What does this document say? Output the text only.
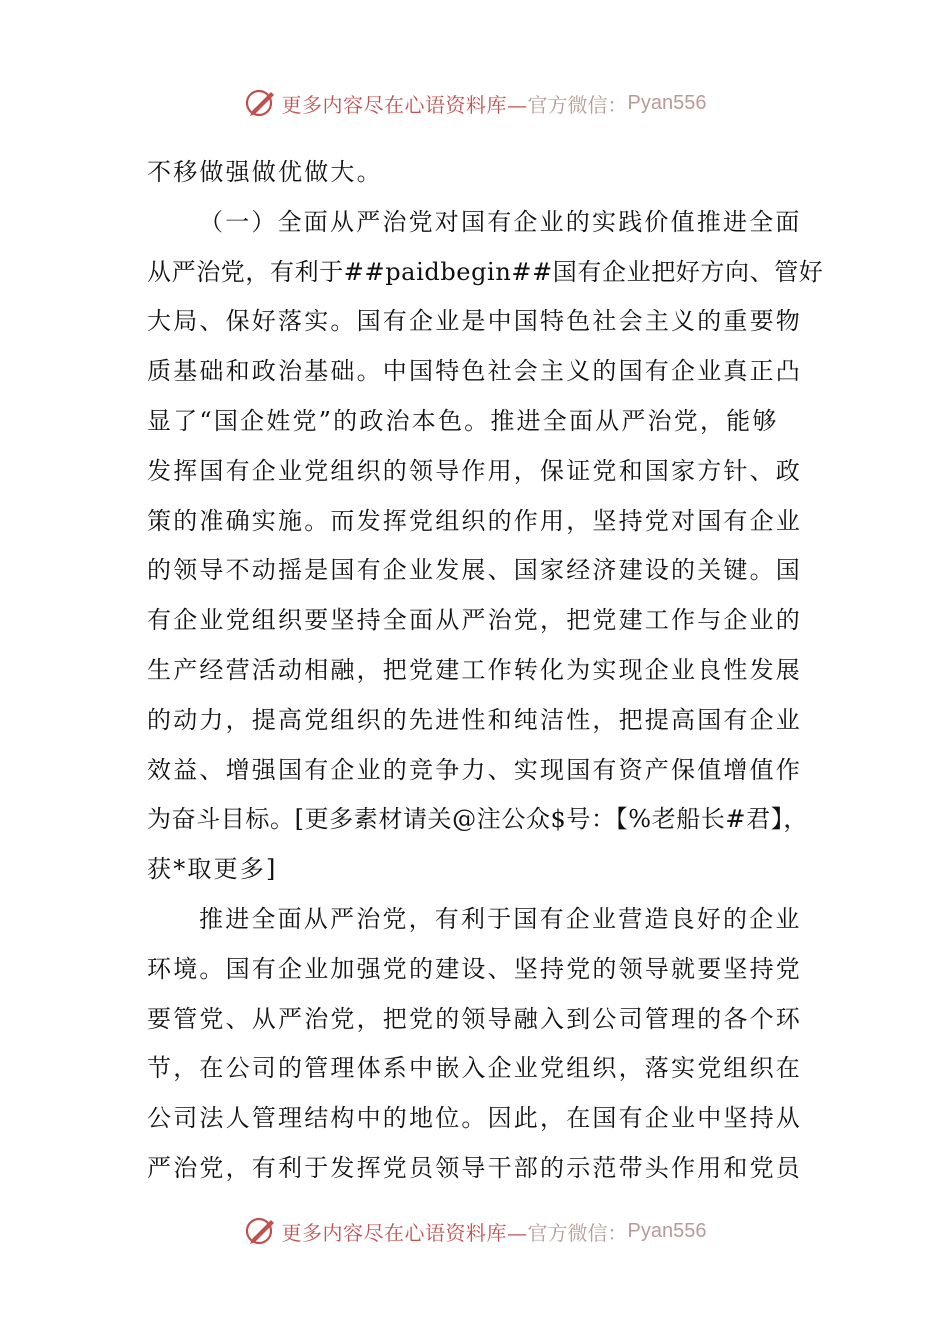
更多内容尽在心语资料库— 官方微信： Pyan556
不移做强做优做大。
（一）全面从严治党对国有企业的实践价值推进全面
从严治党，有利于##paidbegin##国有企业把好方向、管好
大局、保好落实。国有企业是中国特色社会主义的重要物
质基础和政治基础。中国特色社会主义的国有企业真正凸
显了“国企姓党”的政治本色。推进全面从严治党，能够
发挥国有企业党组织的领导作用，保证党和国家方针、政
策的准确实施。而发挥党组织的作用，坚持党对国有企业
的领导不动摇是国有企业发展、国家经济建设的关键。国
有企业党组织要坚持全面从严治党，把党建工作与企业的
生产经营活动相融，把党建工作转化为实现企业良性发展
的动力，提高党组织的先进性和纯洁性，把提高国有企业
效益、增强国有企业的竞争力、实现国有资产保值增值作
为奋斗目标。[更多素材请关@注公众$号：【%老船长#君】，
获*取更多]
推进全面从严治党，有利于国有企业营造良好的企业
环境。国有企业加强党的建设、坚持党的领导就要坚持党
要管党、从严治党，把党的领导融入到公司管理的各个环
节，在公司的管理体系中嵌入企业党组织，落实党组织在
公司法人管理结构中的地位。因此，在国有企业中坚持从
严治党，有利于发挥党员领导干部的示范带头作用和党员
更多内容尽在心语资料库— 官方微信： Pyan556
